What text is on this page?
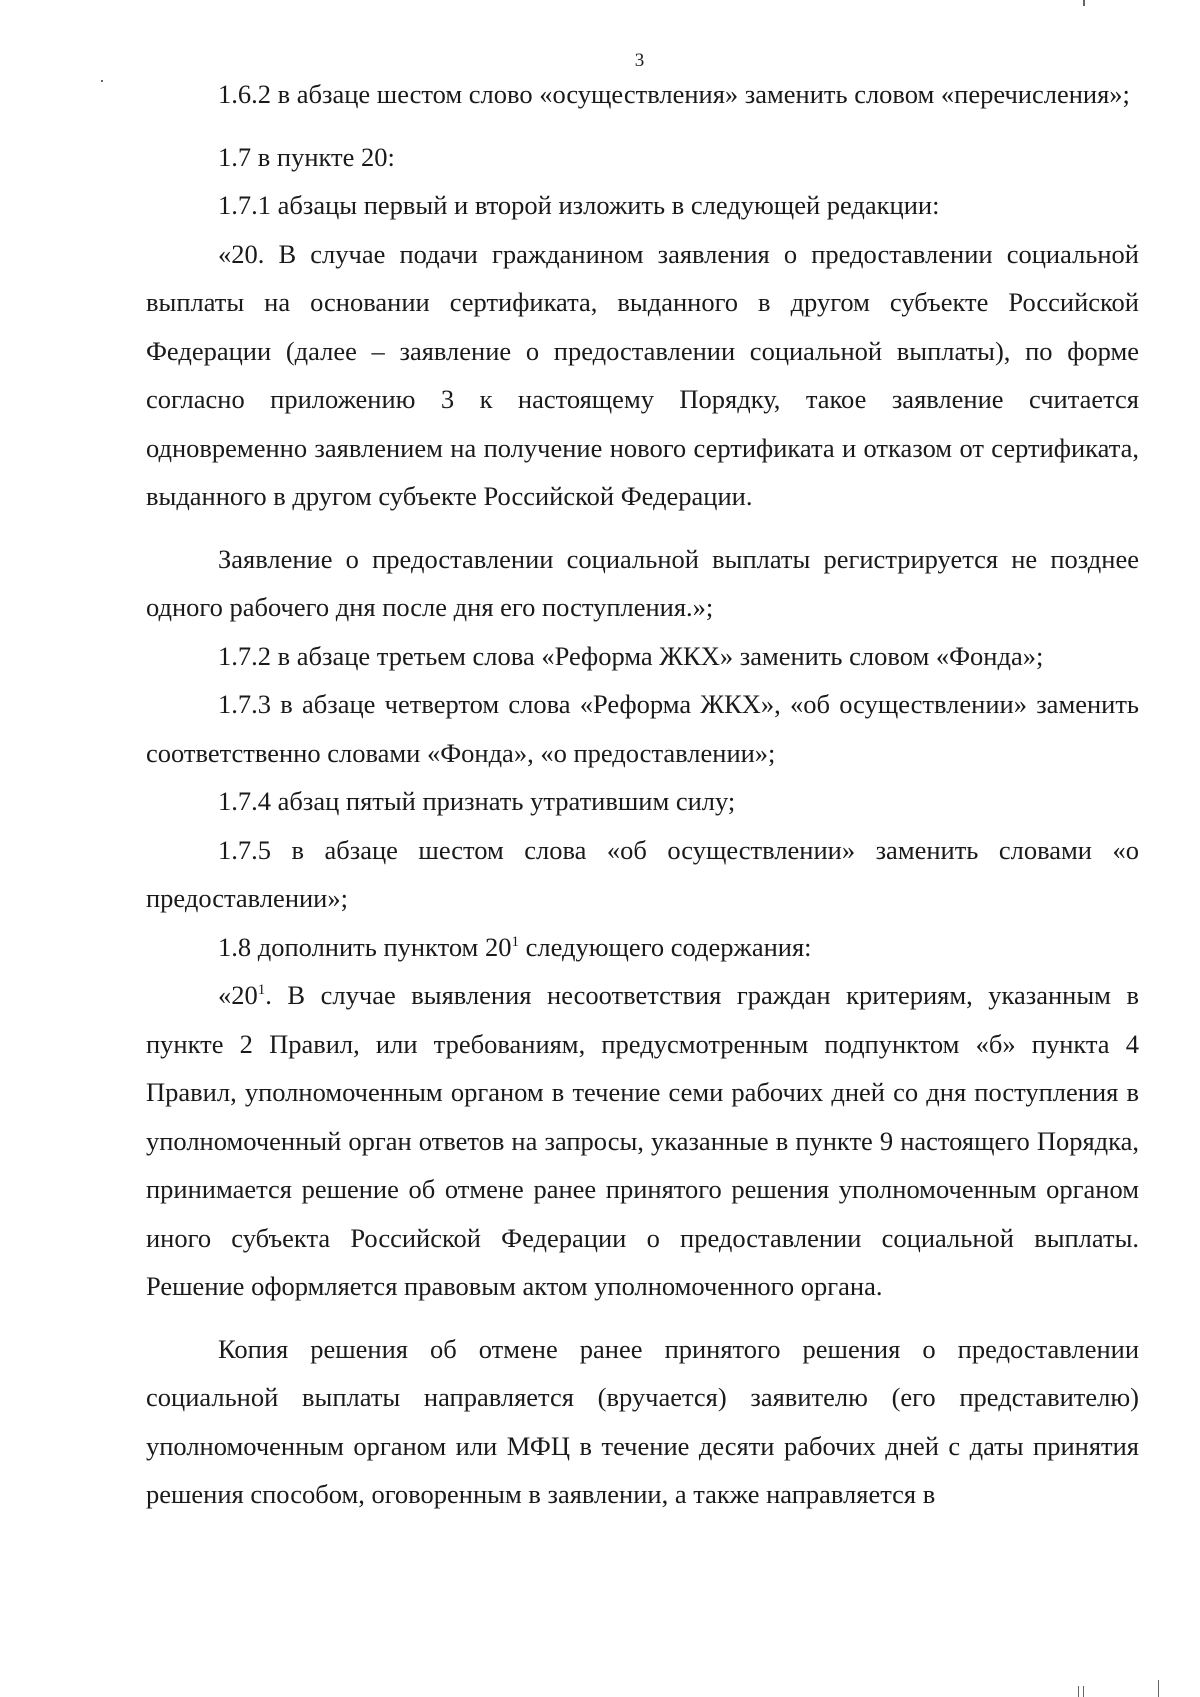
3

1.6.2 в абзаце шестом слово «осуществления» заменить словом «перечисления»;

1.7 в пункте 20:

1.7.1 абзацы первый и второй изложить в следующей редакции:

«20. В случае подачи гражданином заявления о предоставлении социальной выплаты на основании сертификата, выданного в другом субъекте Российской Федерации (далее – заявление о предоставлении социальной выплаты), по форме согласно приложению 3 к настоящему Порядку, такое заявление считается одновременно заявлением на получение нового сертификата и отказом от сертификата, выданного в другом субъекте Российской Федерации.

Заявление о предоставлении социальной выплаты регистрируется не позднее одного рабочего дня после дня его поступления.»;

1.7.2 в абзаце третьем слова «Реформа ЖКХ» заменить словом «Фонда»;

1.7.3 в абзаце четвертом слова «Реформа ЖКХ», «об осуществлении» заменить соответственно словами «Фонда», «о предоставлении»;

1.7.4 абзац пятый признать утратившим силу;

1.7.5 в абзаце шестом слова «об осуществлении» заменить словами «о предоставлении»;

1.8 дополнить пунктом $20^1$ следующего содержания:

«$20^1$. В случае выявления несоответствия граждан критериям, указанным в пункте 2 Правил, или требованиям, предусмотренным подпунктом «б» пункта 4 Правил, уполномоченным органом в течение семи рабочих дней со дня поступления в уполномоченный орган ответов на запросы, указанные в пункте 9 настоящего Порядка, принимается решение об отмене ранее принятого решения уполномоченным органом иного субъекта Российской Федерации о предоставлении социальной выплаты. Решение оформляется правовым актом уполномоченного органа.

Копия решения об отмене ранее принятого решения о предоставлении социальной выплаты направляется (вручается) заявителю (его представителю) уполномоченным органом или МФЦ в течение десяти рабочих дней с даты принятия решения способом, оговоренным в заявлении, а также направляется в
